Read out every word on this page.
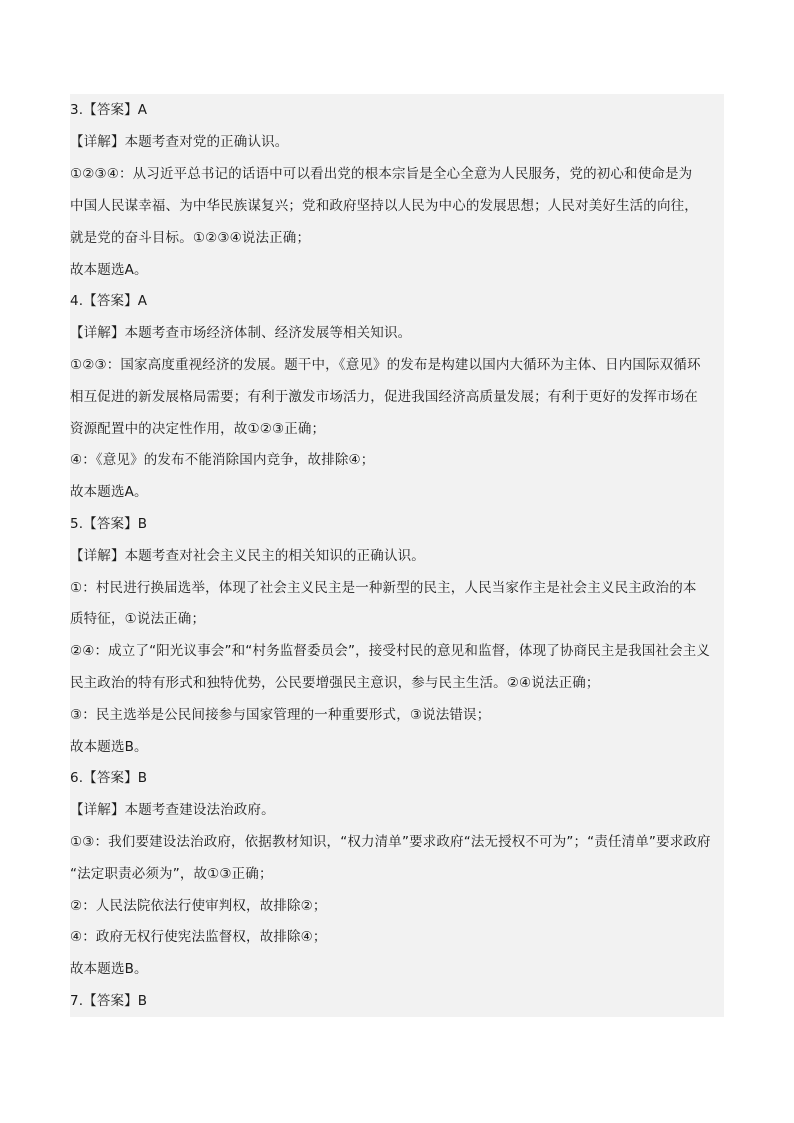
3.【答案】A
【详解】本题考查对党的正确认识。
①②③④：从习近平总书记的话语中可以看出党的根本宗旨是全心全意为人民服务，党的初心和使命是为
中国人民谋幸福、为中华民族谋复兴；党和政府坚持以人民为中心的发展思想；人民对美好生活的向往，
就是党的奋斗目标。①②③④说法正确；
故本题选A。
4.【答案】A
【详解】本题考查市场经济体制、经济发展等相关知识。
①②③：国家高度重视经济的发展。题干中，《意见》的发布是构建以国内大循环为主体、日内国际双循环
相互促进的新发展格局需要；有利于激发市场活力，促进我国经济高质量发展；有利于更好的发挥市场在
资源配置中的决定性作用，故①②③正确；
④：《意见》的发布不能消除国内竞争，故排除④；
故本题选A。
5.【答案】B
【详解】本题考查对社会主义民主的相关知识的正确认识。
①：村民进行换届选举，体现了社会主义民主是一种新型的民主，人民当家作主是社会主义民主政治的本
质特征，①说法正确；
②④：成立了“阳光议事会”和“村务监督委员会”，接受村民的意见和监督，体现了协商民主是我国社会主义
民主政治的特有形式和独特优势，公民要增强民主意识，参与民主生活。②④说法正确；
③：民主选举是公民间接参与国家管理的一种重要形式，③说法错误；
故本题选B。
6.【答案】B
【详解】本题考查建设法治政府。
①③：我们要建设法治政府，依据教材知识，“权力清单”要求政府“法无授权不可为”；“责任清单”要求政府
“法定职责必须为”，故①③正确；
②：人民法院依法行使审判权，故排除②；
④：政府无权行使宪法监督权，故排除④；
故本题选B。
7.【答案】B
